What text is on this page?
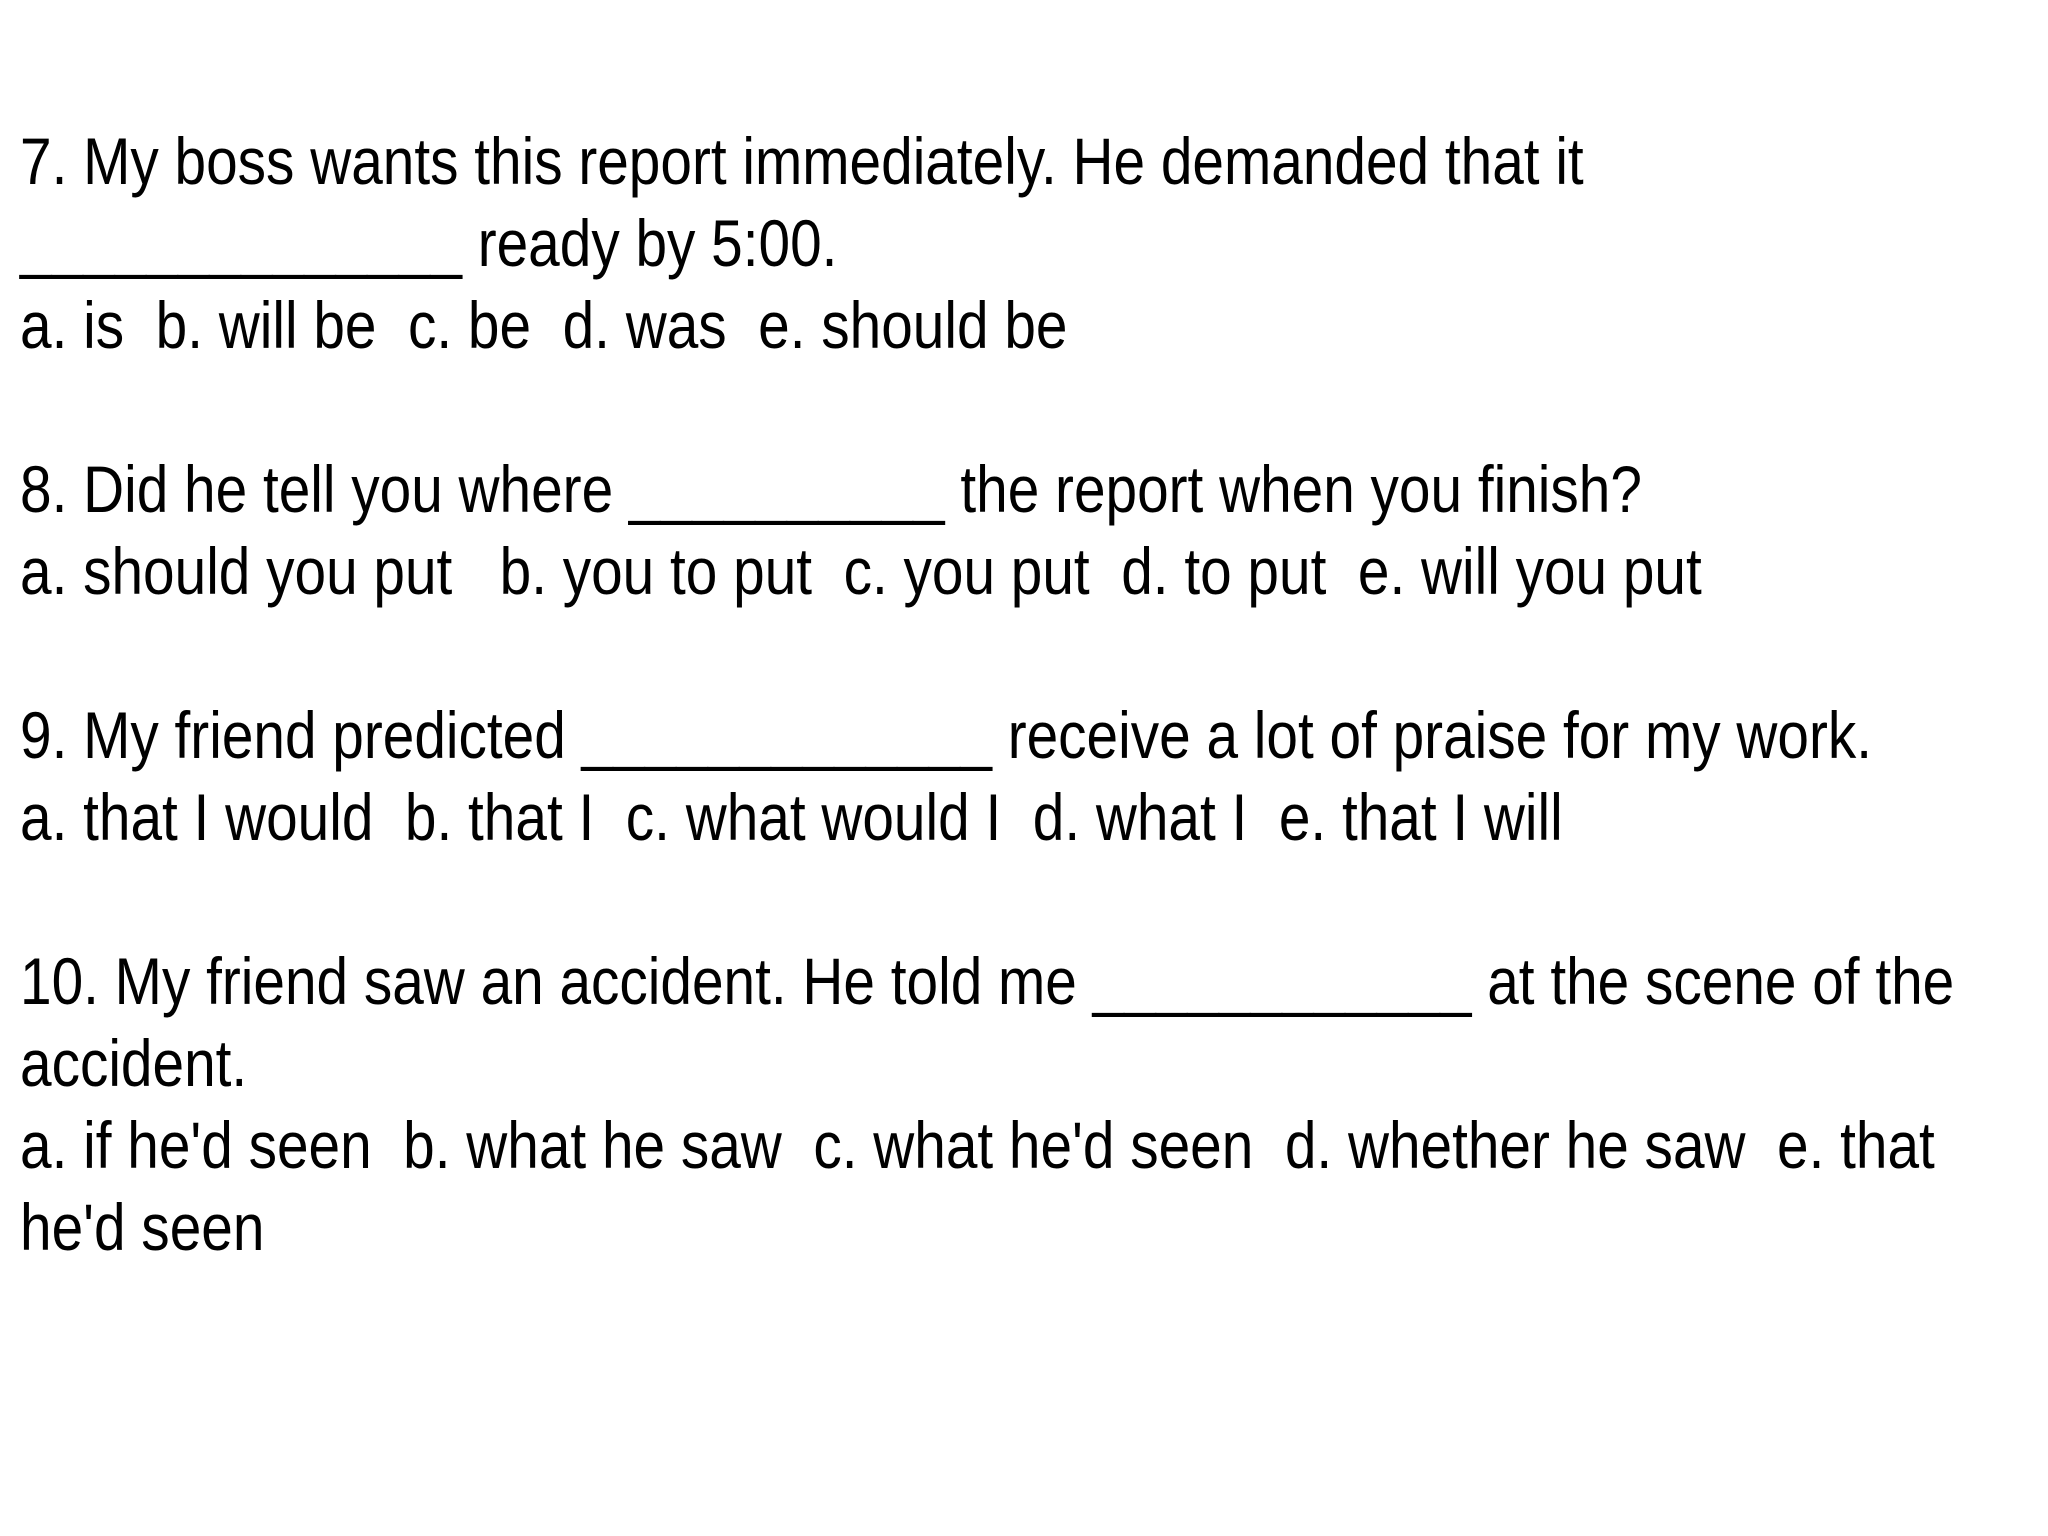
7. My boss wants this report immediately. He demanded that it ______________ ready by 5:00.
a. is  b. will be  c. be  d. was  e. should be
8. Did he tell you where __________ the report when you finish?
a. should you put   b. you to put  c. you put  d. to put  e. will you put
9. My friend predicted _____________ receive a lot of praise for my work.
a. that I would  b. that I  c. what would I  d. what I  e. that I will
10. My friend saw an accident. He told me ____________ at the scene of the accident.
a. if he'd seen  b. what he saw  c. what he'd seen  d. whether he saw  e. that he'd seen
